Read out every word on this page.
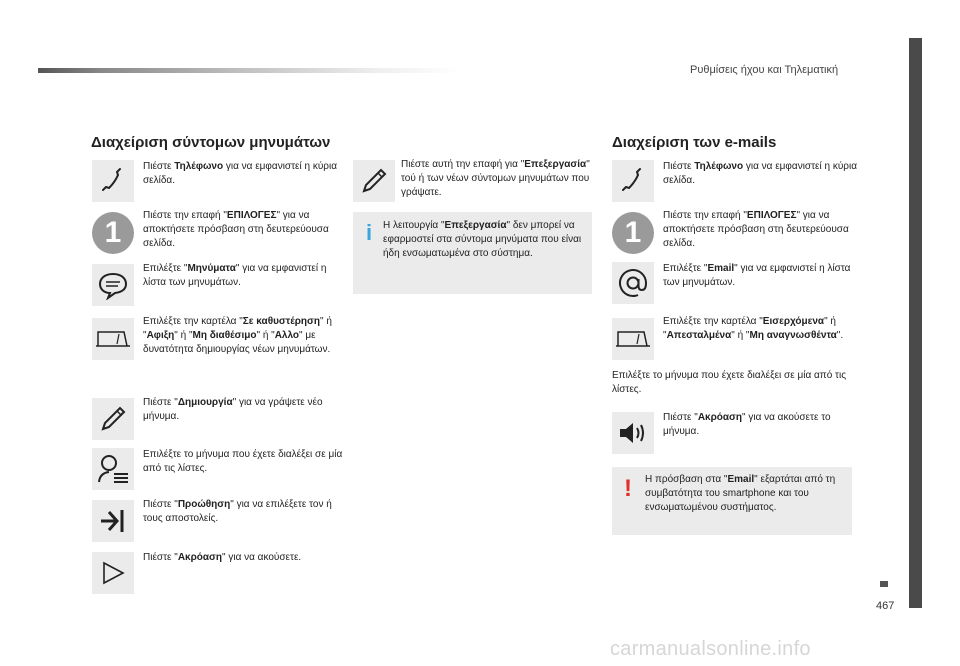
Ρυθμίσεις ήχου και Τηλεματική
467
Διαχείριση σύντομων μηνυμάτων
Πιέστε Τηλέφωνο για να εμφανιστεί η κύρια σελίδα.
1
Πιέστε την επαφή "ΕΠΙΛΟΓΕΣ" για να αποκτήσετε πρόσβαση στη δευτερεύουσα σελίδα.
Επιλέξτε "Μηνύματα" για να εμφανιστεί η λίστα των μηνυμάτων.
Επιλέξτε την καρτέλα "Σε καθυστέρηση" ή "Αφιξη" ή "Μη διαθέσιμο" ή "Αλλο" με δυνατότητα δημιουργίας νέων μηνυμάτων.
Πιέστε "Δημιουργία" για να γράψετε νέο μήνυμα.
Επιλέξτε το μήνυμα που έχετε διαλέξει σε μία από τις λίστες.
Πιέστε "Προώθηση" για να επιλέξετε τον ή τους αποστολείς.
Πιέστε "Ακρόαση" για να ακούσετε.
Πιέστε αυτή την επαφή για "Επεξεργασία" τού ή των νέων σύντομων μηνυμάτων που γράψατε.
i Η λειτουργία "Επεξεργασία" δεν μπορεί να εφαρμοστεί στα σύντομα μηνύματα που είναι ήδη ενσωματωμένα στο σύστημα.
Διαχείριση των e-mails
Πιέστε Τηλέφωνο για να εμφανιστεί η κύρια σελίδα.
1
Πιέστε την επαφή "ΕΠΙΛΟΓΕΣ" για να αποκτήσετε πρόσβαση στη δευτερεύουσα σελίδα.
Επιλέξτε "Email" για να εμφανιστεί η λίστα των μηνυμάτων.
Επιλέξτε την καρτέλα "Εισερχόμενα" ή "Απεσταλμένα" ή "Μη αναγνωσθέντα".
Επιλέξτε το μήνυμα που έχετε διαλέξει σε μία από τις λίστες.
Πιέστε "Ακρόαση" για να ακούσετε το μήνυμα.
! Η πρόσβαση στα "Email" εξαρτάται από τη συμβατότητα του smartphone και του ενσωματωμένου συστήματος.
carmanualsonline.info
